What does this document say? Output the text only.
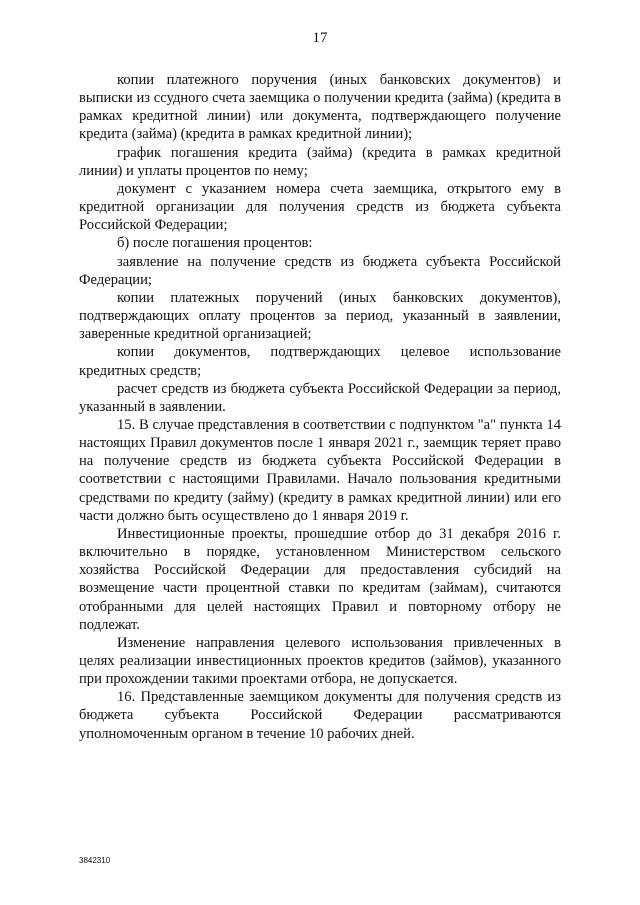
17

копии платежного поручения (иных банковских документов) и выписки из ссудного счета заемщика о получении кредита (займа) (кредита в рамках кредитной линии) или документа, подтверждающего получение кредита (займа) (кредита в рамках кредитной линии);

график погашения кредита (займа) (кредита в рамках кредитной линии) и уплаты процентов по нему;

документ с указанием номера счета заемщика, открытого ему в кредитной организации для получения средств из бюджета субъекта Российской Федерации;

б) после погашения процентов:

заявление на получение средств из бюджета субъекта Российской Федерации;

копии платежных поручений (иных банковских документов), подтверждающих оплату процентов за период, указанный в заявлении, заверенные кредитной организацией;

копии документов, подтверждающих целевое использование кредитных средств;

расчет средств из бюджета субъекта Российской Федерации за период, указанный в заявлении.

15. В случае представления в соответствии с подпунктом "а" пункта 14 настоящих Правил документов после 1 января 2021 г., заемщик теряет право на получение средств из бюджета субъекта Российской Федерации в соответствии с настоящими Правилами. Начало пользования кредитными средствами по кредиту (займу) (кредиту в рамках кредитной линии) или его части должно быть осуществлено до 1 января 2019 г.

Инвестиционные проекты, прошедшие отбор до 31 декабря 2016 г. включительно в порядке, установленном Министерством сельского хозяйства Российской Федерации для предоставления субсидий на возмещение части процентной ставки по кредитам (займам), считаются отобранными для целей настоящих Правил и повторному отбору не подлежат.

Изменение направления целевого использования привлеченных в целях реализации инвестиционных проектов кредитов (займов), указанного при прохождении такими проектами отбора, не допускается.

16. Представленные заемщиком документы для получения средств из бюджета субъекта Российской Федерации рассматриваются уполномоченным органом в течение 10 рабочих дней.

3842310
